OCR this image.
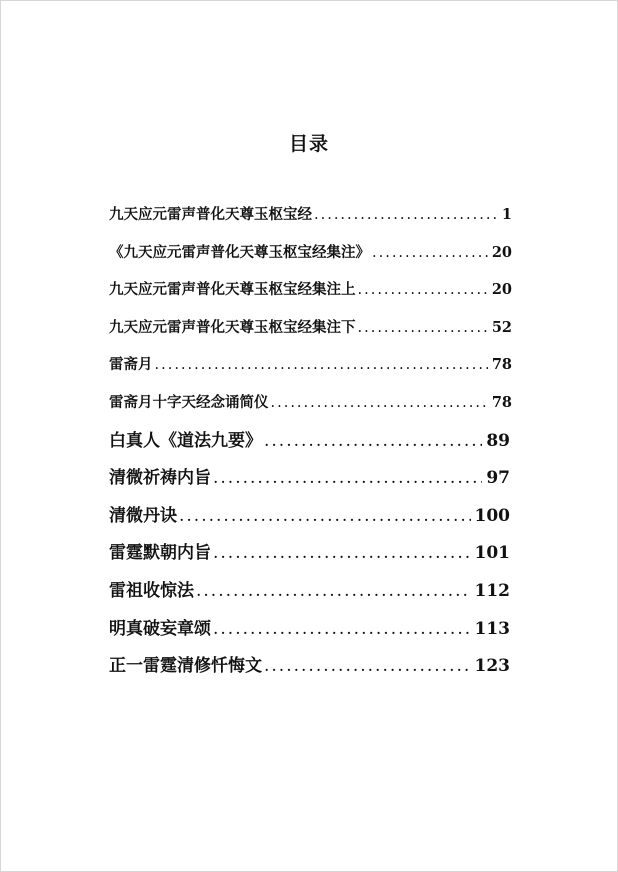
目录
九天应元雷声普化天尊玉枢宝经 .....	1
《九天应元雷声普化天尊玉枢宝经集注》 .....	20
九天应元雷声普化天尊玉枢宝经集注上 .....	20
九天应元雷声普化天尊玉枢宝经集注下 .....	52
雷斋月 .....	78
雷斋月十字天经念诵简仪 .....	78
白真人《道法九要》 .....	89
清微祈祷内旨 .....	97
清微丹诀 .....	100
雷霆默朝内旨 .....	101
雷祖收惊法 .....	112
明真破妄章颂 .....	113
正一雷霆清修忏悔文 .....	123
